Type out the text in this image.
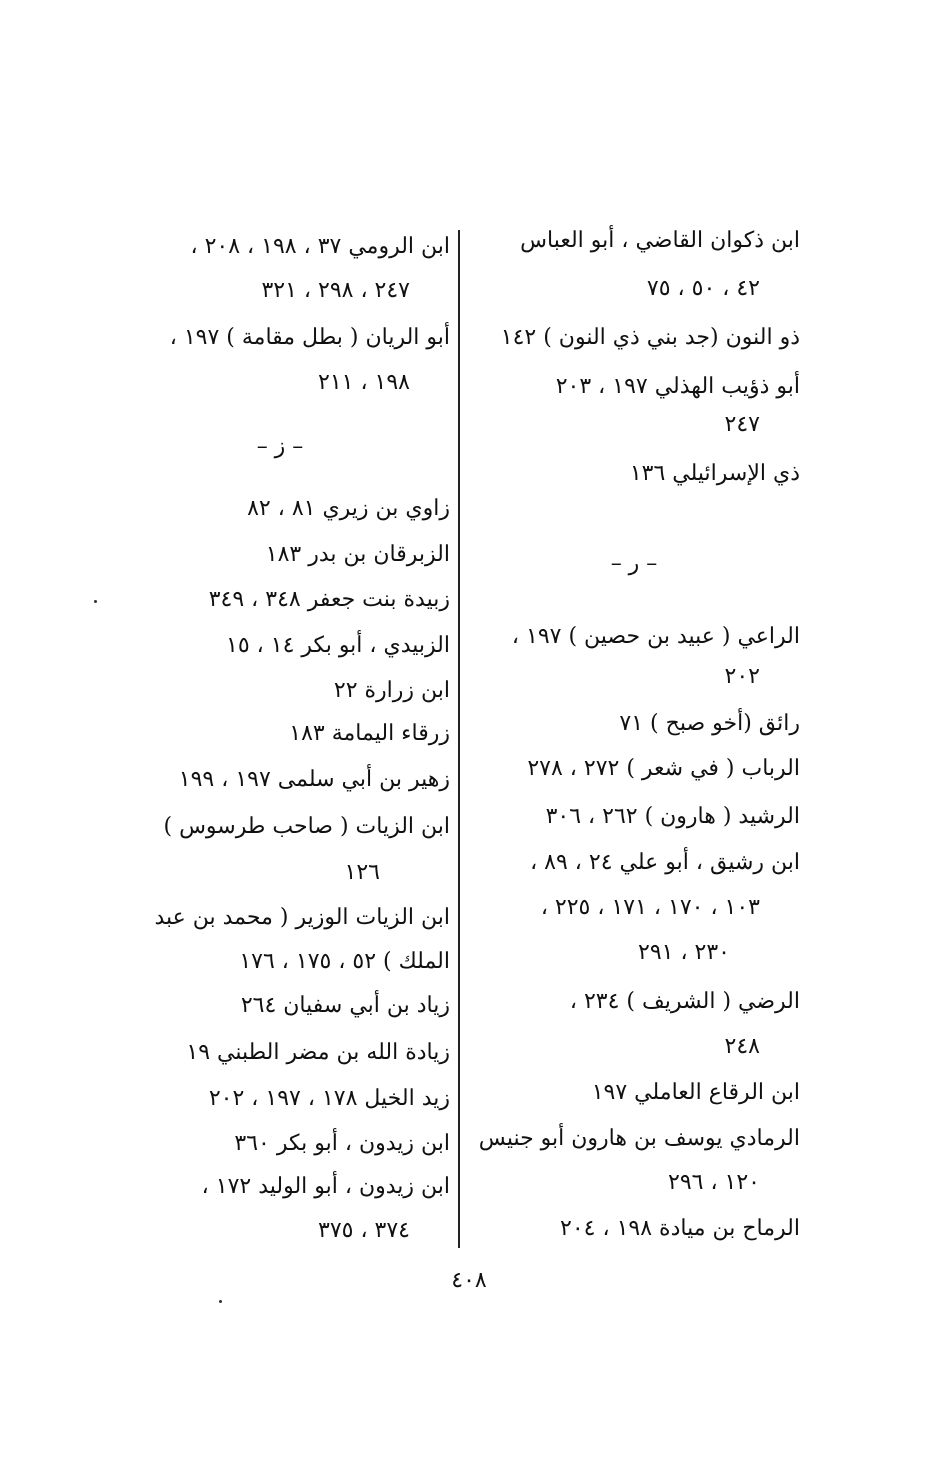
ابن ذكوان القاضي ، أبو العباس
٤٢ ، ٥٠ ، ٧٥
ذو النون (جد بني ذي النون ) ١٤٢
أبو ذؤيب الهذلي ١٩٧ ، ٢٠٣
٢٤٧
ذي الإسرائيلي ١٣٦
– ر –
الراعي ( عبيد بن حصين ) ١٩٧ ،
٢٠٢
رائق (أخو صبح ) ٧١
الرباب ( في شعر ) ٢٧٢ ، ٢٧٨
الرشيد ( هارون ) ٢٦٢ ، ٣٠٦
ابن رشيق ، أبو علي ٢٤ ، ٨٩ ،
١٠٣ ، ١٧٠ ، ١٧١ ، ٢٢٥ ،
٢٣٠ ، ٢٩١
الرضي ( الشريف ) ٢٣٤ ،
٢٤٨
ابن الرقاع العاملي ١٩٧
الرمادي يوسف بن هارون أبو جنيس
١٢٠ ، ٢٩٦
الرماح بن ميادة ١٩٨ ، ٢٠٤
ابن الرومي ٣٧ ، ١٩٨ ، ٢٠٨ ،
٢٤٧ ، ٢٩٨ ، ٣٢١
أبو الريان ( بطل مقامة ) ١٩٧ ،
١٩٨ ، ٢١١
– ز –
زاوي بن زيري ٨١ ، ٨٢
الزبرقان بن بدر ١٨٣
زبيدة بنت جعفر ٣٤٨ ، ٣٤٩
الزبيدي ، أبو بكر ١٤ ، ١٥
ابن زرارة ٢٢
زرقاء اليمامة ١٨٣
زهير بن أبي سلمى ١٩٧ ، ١٩٩
ابن الزيات ( صاحب طرسوس )
١٢٦
ابن الزيات الوزير ( محمد بن عبد
الملك ) ٥٢ ، ١٧٥ ، ١٧٦
زياد بن أبي سفيان ٢٦٤
زيادة الله بن مضر الطبني ١٩
زيد الخيل ١٧٨ ، ١٩٧ ، ٢٠٢
ابن زيدون ، أبو بكر ٣٦٠
ابن زيدون ، أبو الوليد ١٧٢ ،
٣٧٤ ، ٣٧٥
٤٠٨
